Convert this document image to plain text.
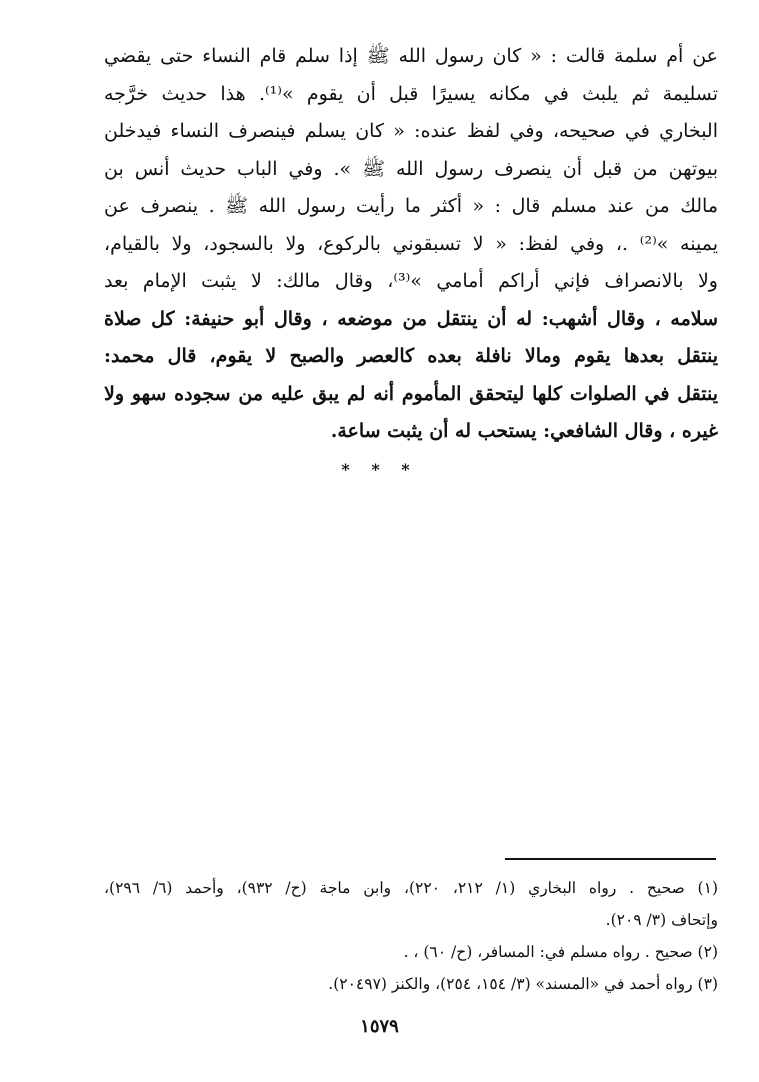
عن أم سلمة قالت : « كان رسول الله ﷺ إذا سلم قام النساء حتى يقضي
تسليمة ثم يلبث في مكانه يسيرًا قبل أن يقوم »⁽¹⁾. هذا حديث خرَّجه
البخاري في صحيحه، وفي لفظ عنده: « كان يسلم فينصرف النساء فيدخلن
بيوتهن من قبل أن ينصرف رسول الله ﷺ ». وفي الباب حديث أنس بن
مالك من عند مسلم قال : « أكثر ما رأيت رسول الله ﷺ . ينصرف عن
يمينه »⁽²⁾ .، وفي لفظ: « لا تسبقوني بالركوع، ولا بالسجود، ولا بالقيام،
ولا بالانصراف فإني أراكم أمامي »⁽³⁾، وقال مالك: لا يثبت الإمام بعد
سلامه ، وقال أشهب: له أن ينتقل من موضعه ، وقال أبو حنيفة: كل صلاة
ينتقل بعدها يقوم ومالا نافلة بعده كالعصر والصبح لا يقوم، قال محمد:
ينتقل في الصلوات كلها ليتحقق المأموم أنه لم يبق عليه من سجوده سهو ولا
غيره ، وقال الشافعي: يستحب له أن يثبت ساعة.
* * *
(١) صحيح . رواه البخاري (١/ ٢١٢، ٢٢٠)، وابن ماجة (ح/ ٩٣٢)، وأحمد (٦/ ٢٩٦)،
وإتحاف (٣/ ٢٠٩).
(٢) صحيح . رواه مسلم في: المسافر، (ح/ ٦٠) ، .
(٣) رواه أحمد في «المسند» (٣/ ١٥٤، ٢٥٤)، والكنز (٢٠٤٩٧).
١٥٧٩
